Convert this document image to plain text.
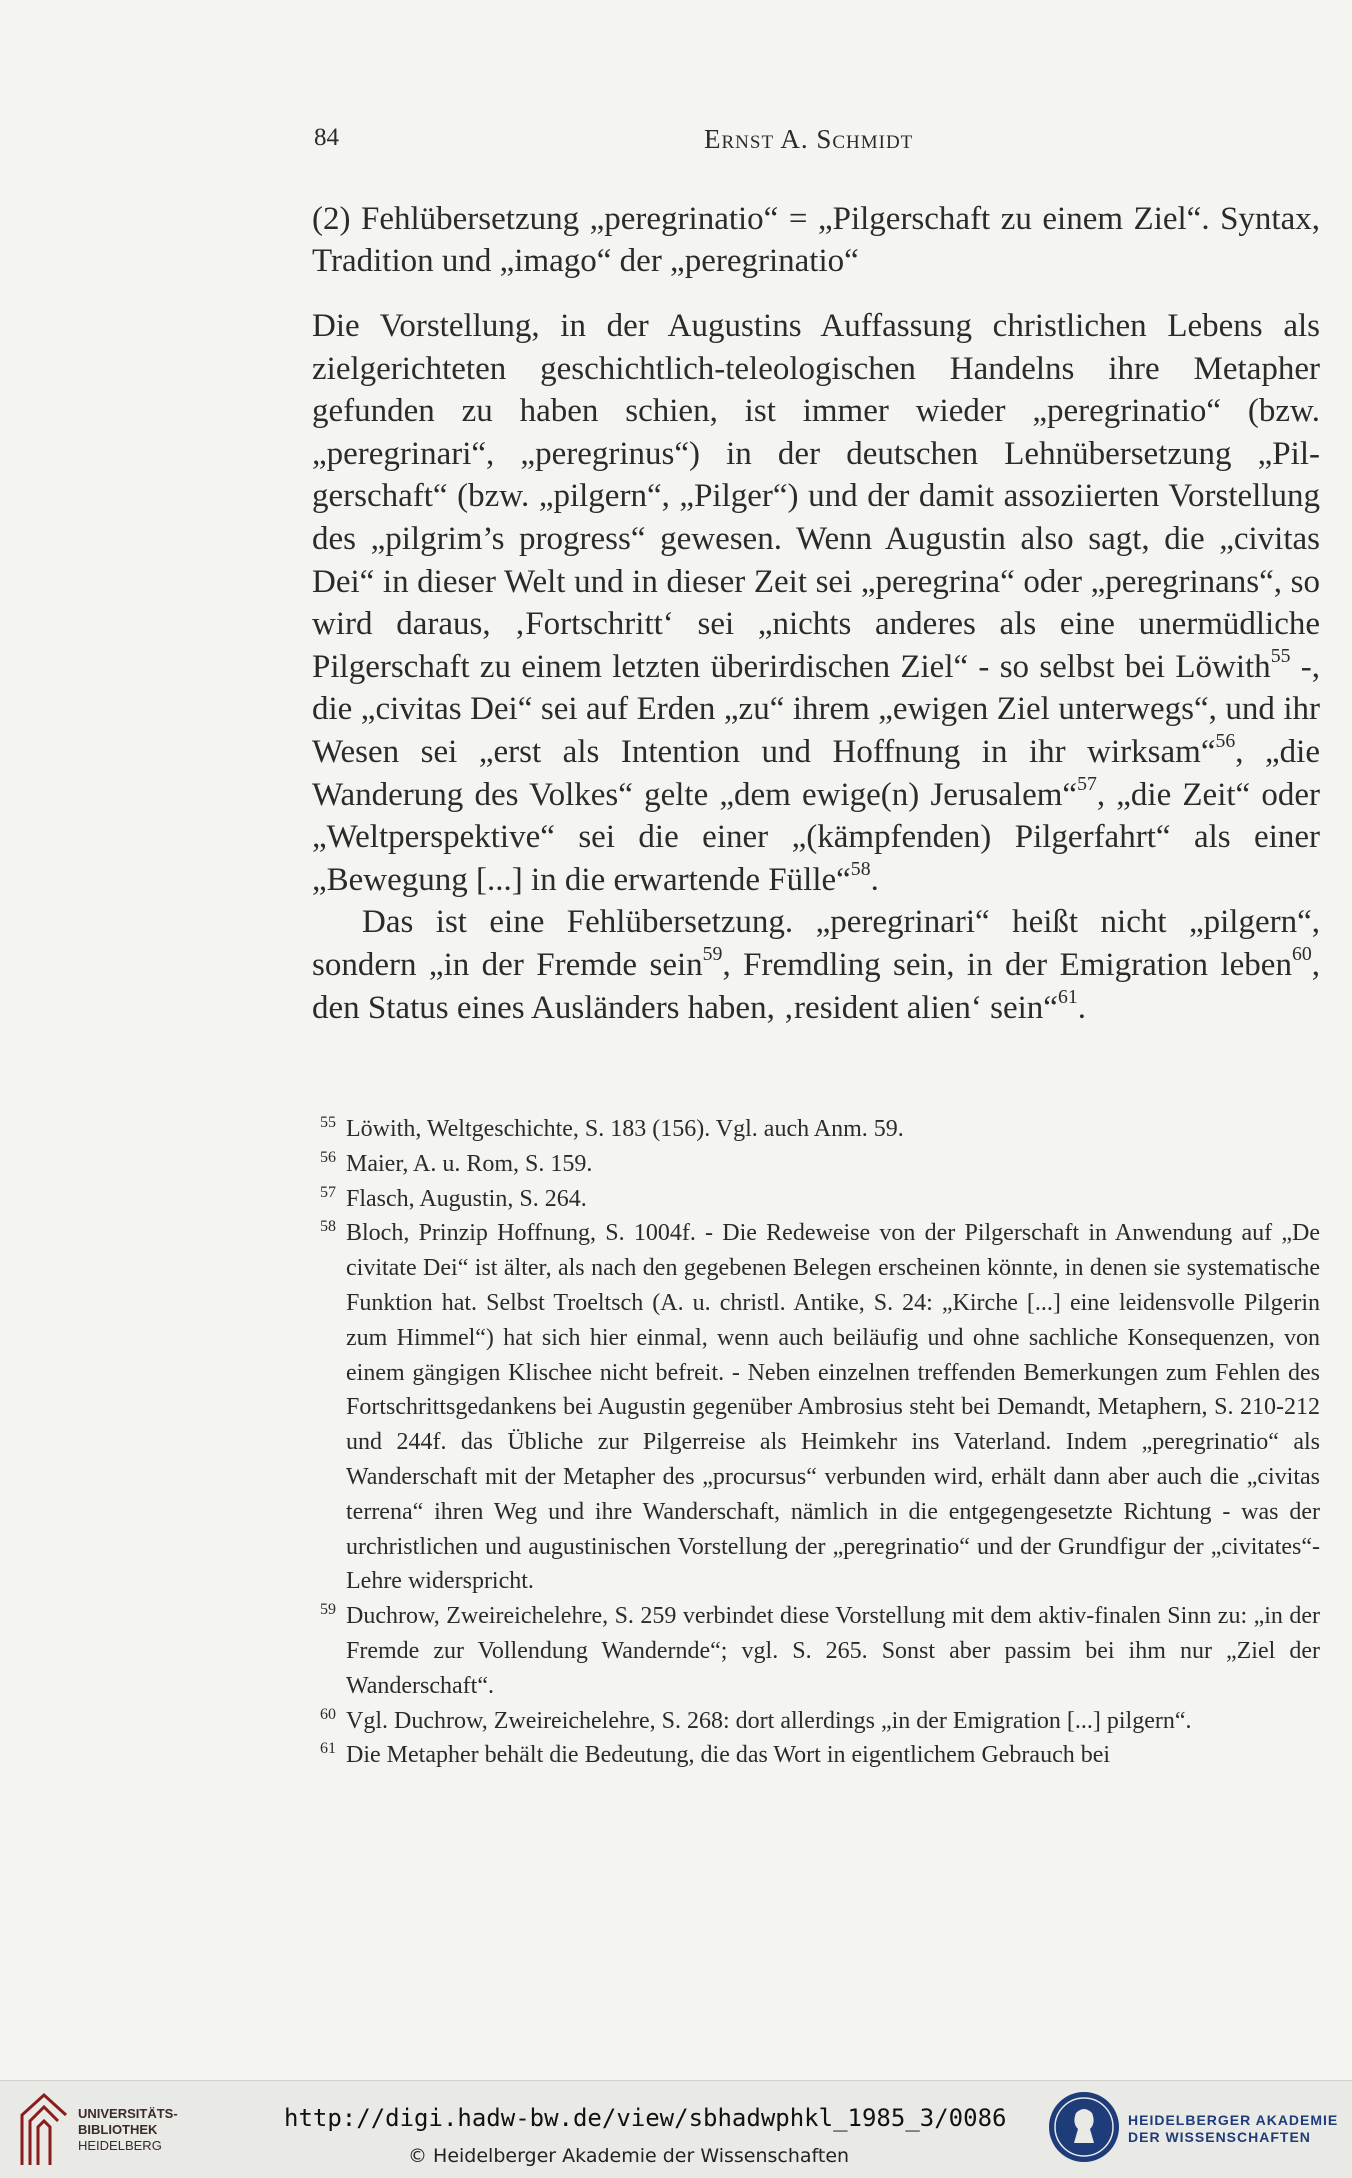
84	Ernst A. Schmidt
(2) Fehlübersetzung „peregrinatio“ = „Pilgerschaft zu einem Ziel“. Syntax, Tradition und „imago“ der „peregrinatio“

Die Vorstellung, in der Augustins Auffassung christlichen Lebens als zielgerichteten geschichtlich-teleologischen Handelns ihre Metapher gefunden zu haben schien, ist immer wieder „peregrinatio“ (bzw. „peregrinari“, „peregrinus“) in der deutschen Lehnübersetzung „Pilgerschaft“ (bzw. „pilgern“, „Pilger“) und der damit assoziierten Vorstellung des „pilgrim’s progress“ gewesen. Wenn Augustin also sagt, die „civitas Dei“ in dieser Welt und in dieser Zeit sei „peregrina“ oder „peregrinans“, so wird daraus, ‚Fortschritt‘ sei „nichts anderes als eine unermüdliche Pilgerschaft zu einem letzten überirdischen Ziel“ - so selbst bei Löwith$^{55}$ -, die „civitas Dei“ sei auf Erden „zu“ ihrem „ewigen Ziel unterwegs“, und ihr Wesen sei „erst als Intention und Hoffnung in ihr wirksam“$^{56}$, „die Wanderung des Volkes“ gelte „dem ewige(n) Jerusalem“$^{57}$, „die Zeit“ oder „Weltperspektive“ sei die einer „(kämpfenden) Pilgerfahrt“ als einer „Bewegung [...] in die erwartende Fülle“$^{58}$.

Das ist eine Fehlübersetzung. „peregrinari“ heißt nicht „pilgern“, sondern „in der Fremde sein$^{59}$, Fremdling sein, in der Emigration leben$^{60}$, den Status eines Ausländers haben, ‚resident alien‘ sein“$^{61}$.

55 Löwith, Weltgeschichte, S. 183 (156). Vgl. auch Anm. 59.

56 Maier, A. u. Rom, S. 159.

57 Flasch, Augustin, S. 264.

58 Bloch, Prinzip Hoffnung, S. 1004f. - Die Redeweise von der Pilgerschaft in Anwendung auf „De civitate Dei“ ist älter, als nach den gegebenen Belegen erscheinen könnte, in denen sie systematische Funktion hat. Selbst Troeltsch (A. u. christl. Antike, S. 24: „Kirche [...] eine leidensvolle Pilgerin zum Himmel“) hat sich hier einmal, wenn auch beiläufig und ohne sachliche Konsequenzen, von einem gängigen Klischee nicht befreit. - Neben einzelnen treffenden Bemerkungen zum Fehlen des Fortschrittsgedankens bei Augustin gegenüber Ambrosius steht bei Demandt, Metaphern, S. 210-212 und 244f. das Übliche zur Pilgerreise als Heimkehr ins Vaterland. Indem „peregrinatio“ als Wanderschaft mit der Metapher des „procursus“ verbunden wird, erhält dann aber auch die „civitas terrena“ ihren Weg und ihre Wanderschaft, nämlich in die entgegengesetzte Richtung - was der urchristlichen und augustinischen Vorstellung der „peregrinatio“ und der Grundfigur der „civitates“-Lehre widerspricht.

59 Duchrow, Zweireichelehre, S. 259 verbindet diese Vorstellung mit dem aktiv-finalen Sinn zu: „in der Fremde zur Vollendung Wandernde“; vgl. S. 265. Sonst aber passim bei ihm nur „Ziel der Wanderschaft“.

60 Vgl. Duchrow, Zweireichelehre, S. 268: dort allerdings „in der Emigration [...] pilgern“.

61 Die Metapher behält die Bedeutung, die das Wort in eigentlichem Gebrauch bei

UNIVERSITÄTS-
BIBLIOTHEK
HEIDELBERG
http://digi.hadw-bw.de/view/sbhadwphkl_1985_3/0086
© Heidelberger Akademie der Wissenschaften
HEIDELBERGER AKADEMIE
DER WISSENSCHAFTEN
